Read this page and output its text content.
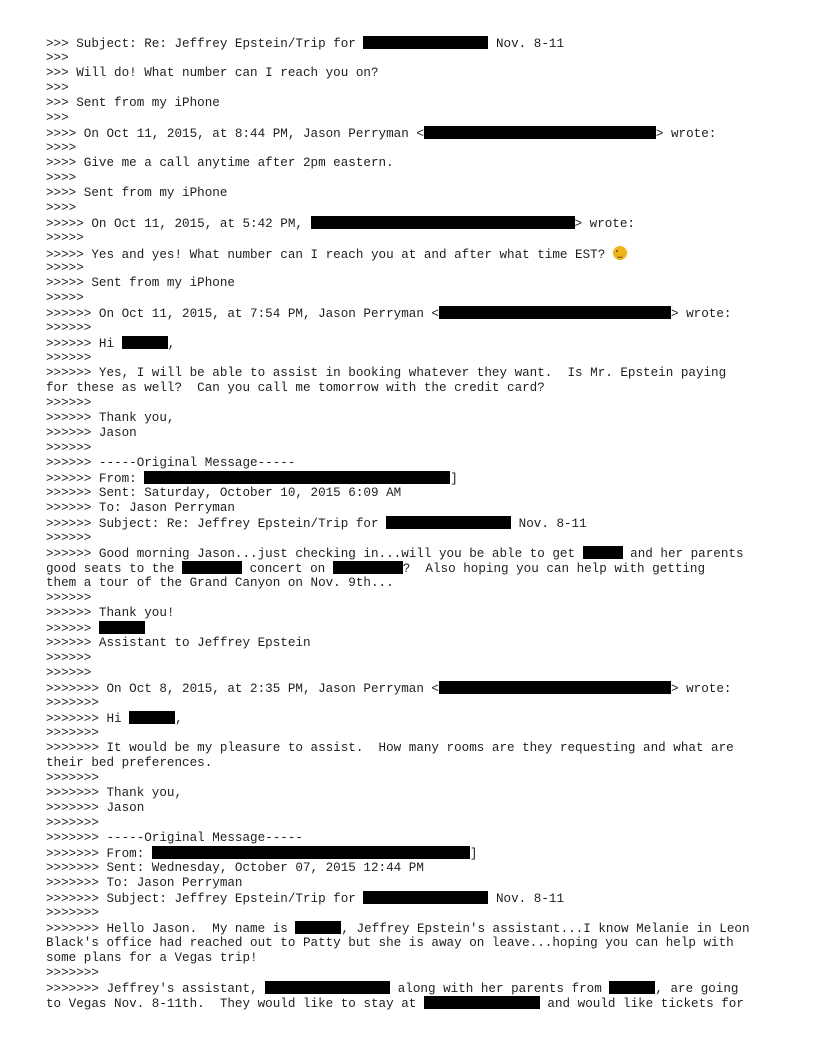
>>> Subject: Re: Jeffrey Epstein/Trip for	Nov. 8-11
>>>
>>> Will do! What number can I reach you on?
>>>
>>> Sent from my iPhone
>>>
>>>> On Oct 11, 2015, at 8:44 PM, Jason Perryman <	> wrote:
>>>>
>>>> Give me a call anytime after 2pm eastern.
>>>>
>>>> Sent from my iPhone
>>>>
>>>>> On Oct 11, 2015, at 5:42 PM,	> wrote:
>>>>>
>>>>> Yes and yes! What number can I reach you at and after what time EST?
>>>>>
>>>>> Sent from my iPhone
>>>>>
>>>>>> On Oct 11, 2015, at 7:54 PM, Jason Perryman <	> wrote:
>>>>>>
>>>>>> Hi	,
>>>>>>
>>>>>> Yes, I will be able to assist in booking whatever they want.  Is Mr. Epstein paying
for these as well?  Can you call me tomorrow with the credit card?
>>>>>>
>>>>>> Thank you,
>>>>>> Jason
>>>>>>
>>>>>> -----Original Message-----
>>>>>> From:	]
>>>>>> Sent: Saturday, October 10, 2015 6:09 AM
>>>>>> To: Jason Perryman
>>>>>> Subject: Re: Jeffrey Epstein/Trip for	Nov. 8-11
>>>>>>
>>>>>> Good morning Jason...just checking in...will you be able to get	and her parents
good seats to the	concert on	?  Also hoping you can help with getting
them a tour of the Grand Canyon on Nov. 9th...
>>>>>>
>>>>>> Thank you!
>>>>>>
>>>>>> Assistant to Jeffrey Epstein
>>>>>>
>>>>>>
>>>>>>> On Oct 8, 2015, at 2:35 PM, Jason Perryman <	> wrote:
>>>>>>>
>>>>>>> Hi	,
>>>>>>>
>>>>>>> It would be my pleasure to assist.  How many rooms are they requesting and what are
their bed preferences.
>>>>>>>
>>>>>>> Thank you,
>>>>>>> Jason
>>>>>>>
>>>>>>> -----Original Message-----
>>>>>>> From:	]
>>>>>>> Sent: Wednesday, October 07, 2015 12:44 PM
>>>>>>> To: Jason Perryman
>>>>>>> Subject: Jeffrey Epstein/Trip for	Nov. 8-11
>>>>>>>
>>>>>>> Hello Jason.  My name is	, Jeffrey Epstein's assistant...I know Melanie in Leon
Black's office had reached out to Patty but she is away on leave...hoping you can help with
some plans for a Vegas trip!
>>>>>>>
>>>>>>> Jeffrey's assistant,	along with her parents from	, are going
to Vegas Nov. 8-11th.  They would like to stay at	and would like tickets for
